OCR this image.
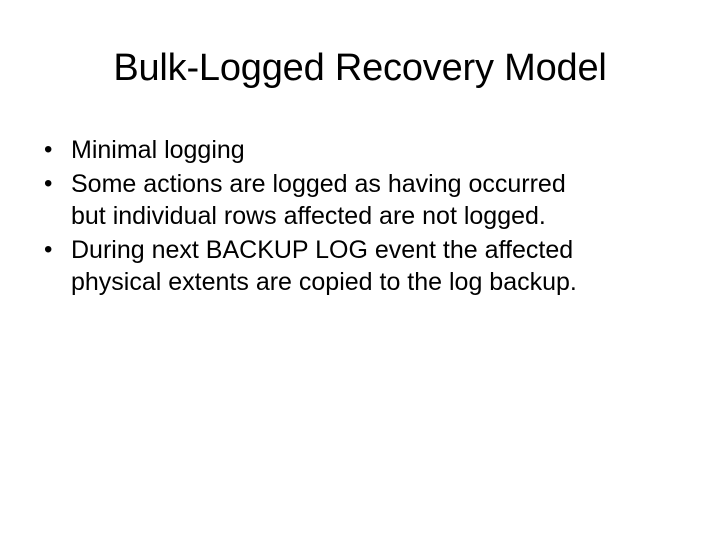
Bulk-Logged Recovery Model
• Minimal logging
• Some actions are logged as having occurred
but individual rows affected are not logged.
• During next BACKUP LOG event the affected
physical extents are copied to the log backup.
